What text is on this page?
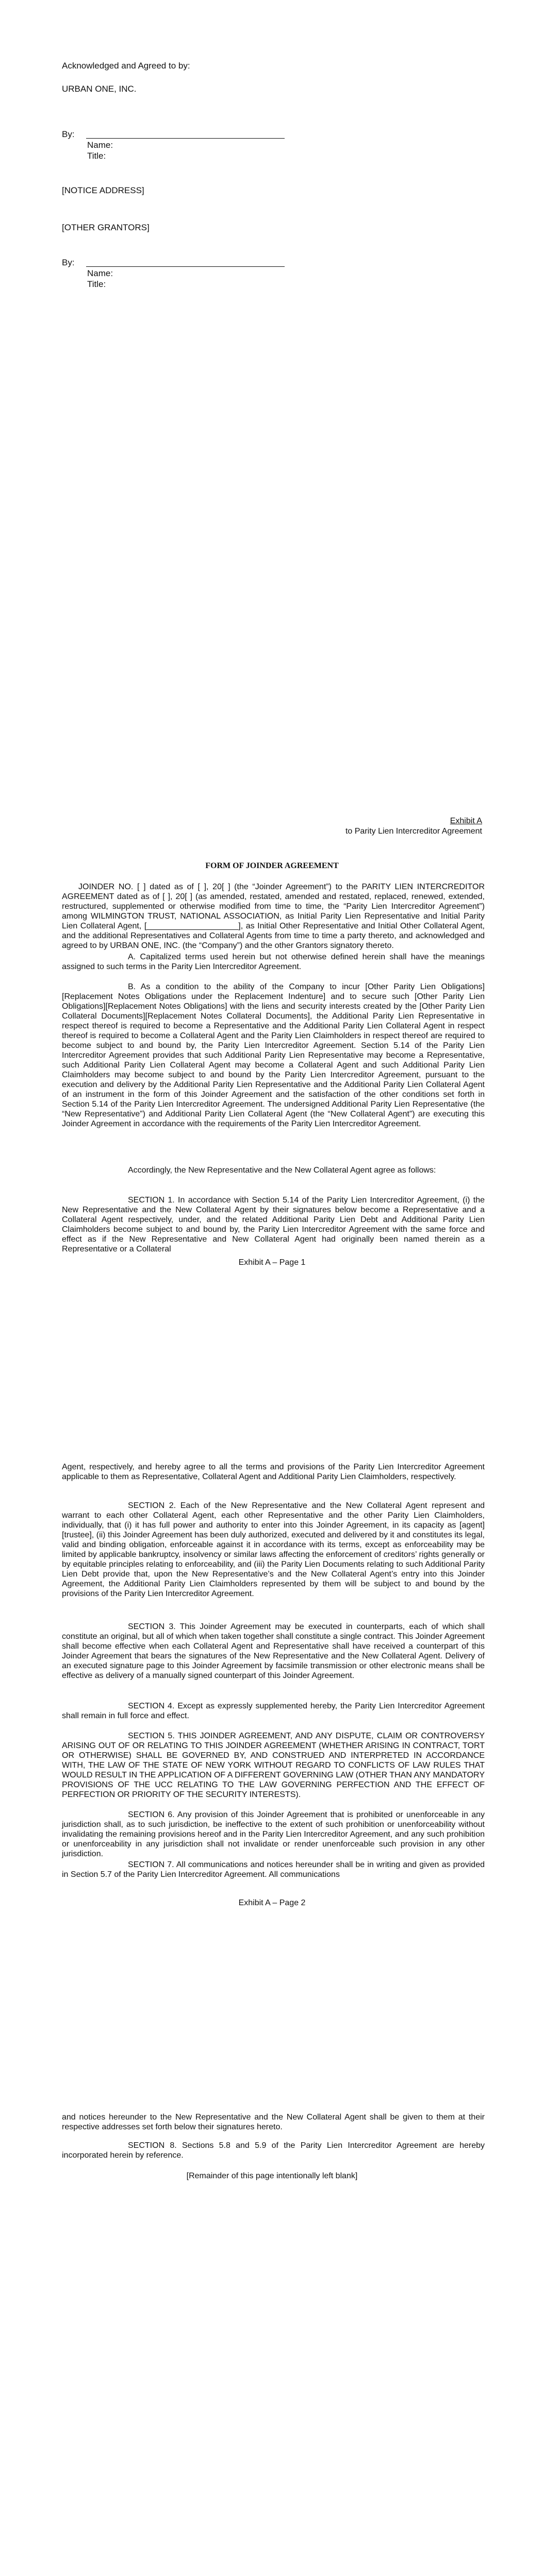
Acknowledged and Agreed to by:
URBAN ONE, INC.
By:
Name:
Title:
[NOTICE ADDRESS]
[OTHER GRANTORS]
By:
Name:
Title:
Exhibit A
to Parity Lien Intercreditor Agreement
FORM OF JOINDER AGREEMENT

JOINDER NO. [ ] dated as of [ ], 20[ ] (the “Joinder Agreement”) to the PARITY LIEN INTERCREDITOR AGREEMENT dated as of [ ], 20[ ] (as amended, restated, amended and restated, replaced, renewed, extended, restructured, supplemented or otherwise modified from time to time, the “Parity Lien Intercreditor Agreement”) among WILMINGTON TRUST, NATIONAL ASSOCIATION, as Initial Parity Lien Representative and Initial Parity Lien Collateral Agent, [____________________], as Initial Other Representative and Initial Other Collateral Agent, and the additional Representatives and Collateral Agents from time to time a party thereto, and acknowledged and agreed to by URBAN ONE, INC. (the “Company”) and the other Grantors signatory thereto.

A. Capitalized terms used herein but not otherwise defined herein shall have the meanings assigned to such terms in the Parity Lien Intercreditor Agreement.

B. As a condition to the ability of the Company to incur [Other Parity Lien Obligations][Replacement Notes Obligations under the Replacement Indenture] and to secure such [Other Parity Lien Obligations][Replacement Notes Obligations] with the liens and security interests created by the [Other Parity Lien Collateral Documents][Replacement Notes Collateral Documents], the Additional Parity Lien Representative in respect thereof is required to become a Representative and the Additional Parity Lien Collateral Agent in respect thereof is required to become a Collateral Agent and the Parity Lien Claimholders in respect thereof are required to become subject to and bound by, the Parity Lien Intercreditor Agreement. Section 5.14 of the Parity Lien Intercreditor Agreement provides that such Additional Parity Lien Representative may become a Representative, such Additional Parity Lien Collateral Agent may become a Collateral Agent and such Additional Parity Lien Claimholders may become subject to and bound by the Parity Lien Intercreditor Agreement, pursuant to the execution and delivery by the Additional Parity Lien Representative and the Additional Parity Lien Collateral Agent of an instrument in the form of this Joinder Agreement and the satisfaction of the other conditions set forth in Section 5.14 of the Parity Lien Intercreditor Agreement. The undersigned Additional Parity Lien Representative (the “New Representative”) and Additional Parity Lien Collateral Agent (the “New Collateral Agent”) are executing this Joinder Agreement in accordance with the requirements of the Parity Lien Intercreditor Agreement.

Accordingly, the New Representative and the New Collateral Agent agree as follows:

SECTION 1. In accordance with Section 5.14 of the Parity Lien Intercreditor Agreement, (i) the New Representative and the New Collateral Agent by their signatures below become a Representative and a Collateral Agent respectively, under, and the related Additional Parity Lien Debt and Additional Parity Lien Claimholders become subject to and bound by, the Parity Lien Intercreditor Agreement with the same force and effect as if the New Representative and New Collateral Agent had originally been named therein as a Representative or a Collateral

Exhibit A – Page 1

Agent, respectively, and hereby agree to all the terms and provisions of the Parity Lien Intercreditor Agreement applicable to them as Representative, Collateral Agent and Additional Parity Lien Claimholders, respectively.

SECTION 2. Each of the New Representative and the New Collateral Agent represent and warrant to each other Collateral Agent, each other Representative and the other Parity Lien Claimholders, individually, that (i) it has full power and authority to enter into this Joinder Agreement, in its capacity as [agent][trustee], (ii) this Joinder Agreement has been duly authorized, executed and delivered by it and constitutes its legal, valid and binding obligation, enforceable against it in accordance with its terms, except as enforceability may be limited by applicable bankruptcy, insolvency or similar laws affecting the enforcement of creditors’ rights generally or by equitable principles relating to enforceability, and (iii) the Parity Lien Documents relating to such Additional Parity Lien Debt provide that, upon the New Representative’s and the New Collateral Agent’s entry into this Joinder Agreement, the Additional Parity Lien Claimholders represented by them will be subject to and bound by the provisions of the Parity Lien Intercreditor Agreement.

SECTION 3. This Joinder Agreement may be executed in counterparts, each of which shall constitute an original, but all of which when taken together shall constitute a single contract. This Joinder Agreement shall become effective when each Collateral Agent and Representative shall have received a counterpart of this Joinder Agreement that bears the signatures of the New Representative and the New Collateral Agent. Delivery of an executed signature page to this Joinder Agreement by facsimile transmission or other electronic means shall be effective as delivery of a manually signed counterpart of this Joinder Agreement.

SECTION 4. Except as expressly supplemented hereby, the Parity Lien Intercreditor Agreement shall remain in full force and effect.

SECTION 5. THIS JOINDER AGREEMENT, AND ANY DISPUTE, CLAIM OR CONTROVERSY ARISING OUT OF OR RELATING TO THIS JOINDER AGREEMENT (WHETHER ARISING IN CONTRACT, TORT OR OTHERWISE) SHALL BE GOVERNED BY, AND CONSTRUED AND INTERPRETED IN ACCORDANCE WITH, THE LAW OF THE STATE OF NEW YORK WITHOUT REGARD TO CONFLICTS OF LAW RULES THAT WOULD RESULT IN THE APPLICATION OF A DIFFERENT GOVERNING LAW (OTHER THAN ANY MANDATORY PROVISIONS OF THE UCC RELATING TO THE LAW GOVERNING PERFECTION AND THE EFFECT OF PERFECTION OR PRIORITY OF THE SECURITY INTERESTS).

SECTION 6. Any provision of this Joinder Agreement that is prohibited or unenforceable in any jurisdiction shall, as to such jurisdiction, be ineffective to the extent of such prohibition or unenforceability without invalidating the remaining provisions hereof and in the Parity Lien Intercreditor Agreement, and any such prohibition or unenforceability in any jurisdiction shall not invalidate or render unenforceable such provision in any other jurisdiction.

SECTION 7. All communications and notices hereunder shall be in writing and given as provided in Section 5.7 of the Parity Lien Intercreditor Agreement. All communications

Exhibit A – Page 2

and notices hereunder to the New Representative and the New Collateral Agent shall be given to them at their respective addresses set forth below their signatures hereto.

SECTION 8. Sections 5.8 and 5.9 of the Parity Lien Intercreditor Agreement are hereby incorporated herein by reference.

[Remainder of this page intentionally left blank]
